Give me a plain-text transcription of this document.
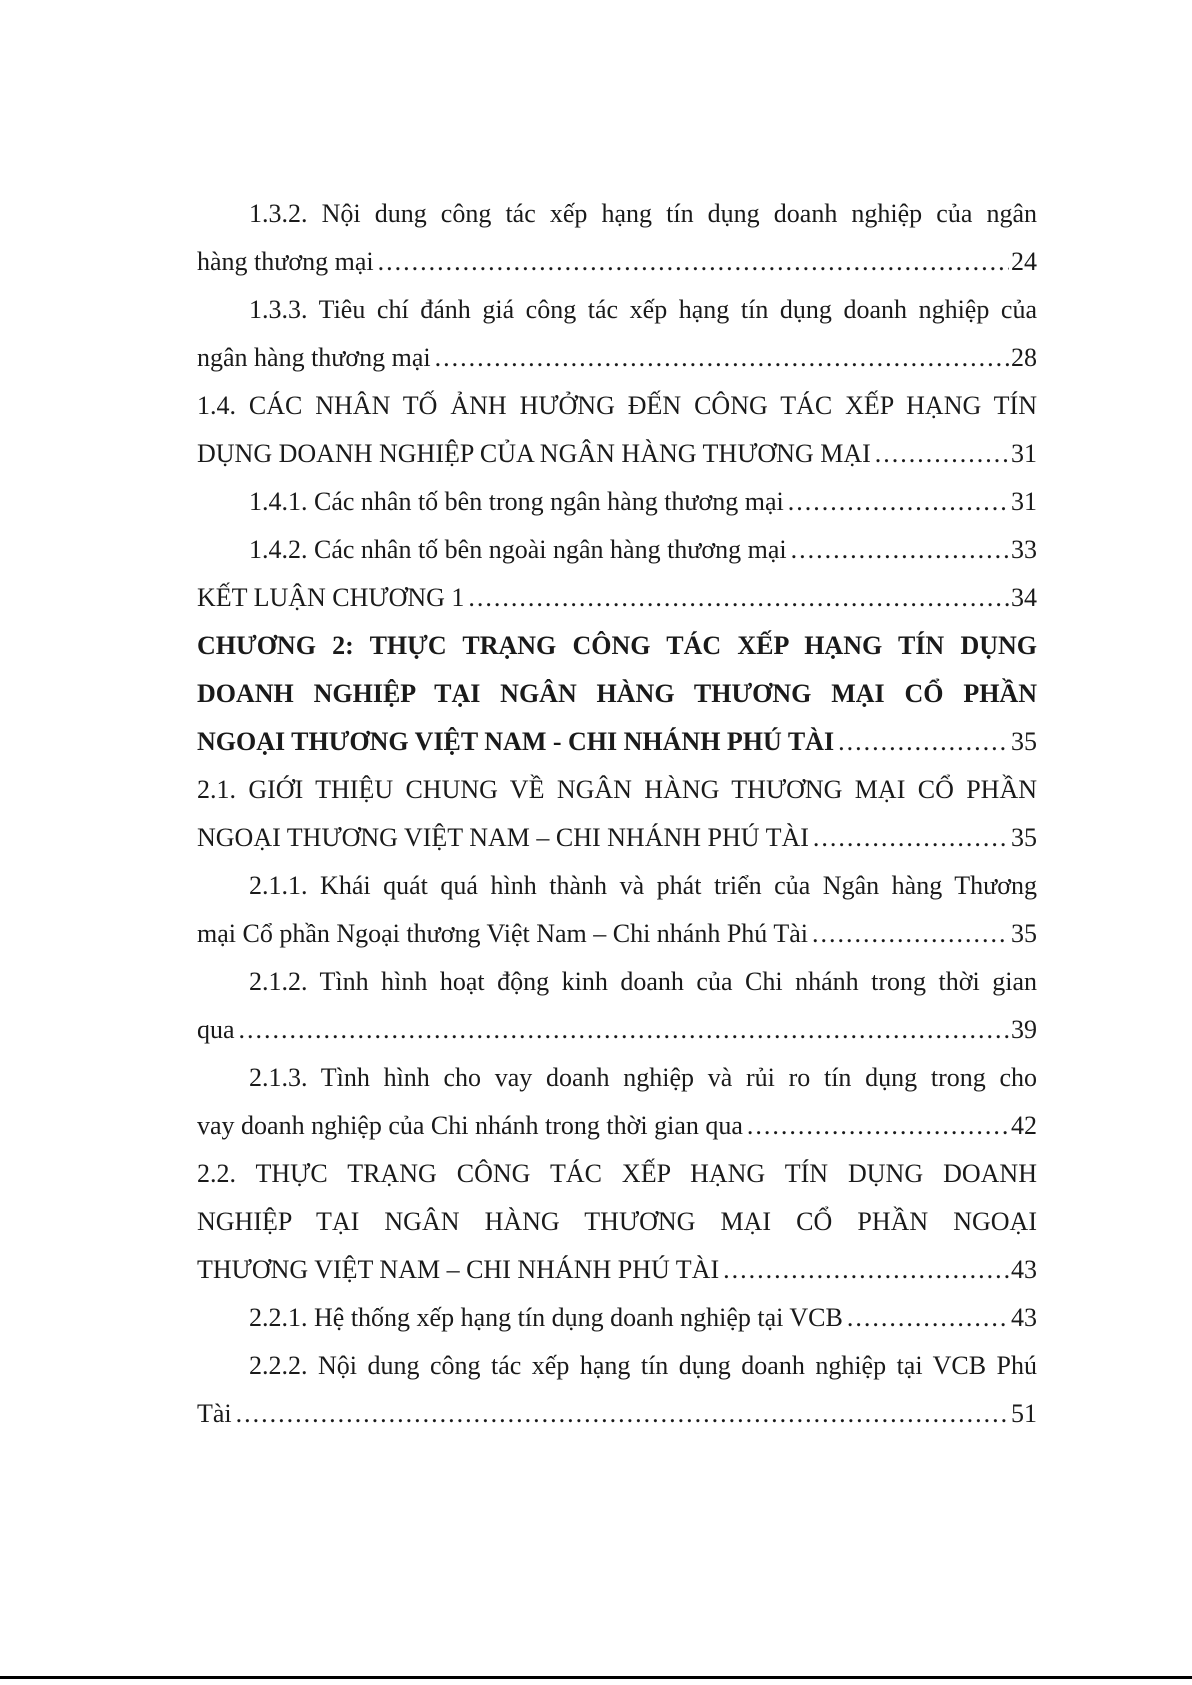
1.3.2. Nội dung công tác xếp hạng tín dụng doanh nghiệp của ngân
hàng thương mại .....	24
1.3.3. Tiêu chí đánh giá công tác xếp hạng tín dụng doanh nghiệp của
ngân hàng thương mại .....	28
1.4. CÁC NHÂN TỐ ẢNH HƯỞNG ĐẾN CÔNG TÁC XẾP HẠNG TÍN
DỤNG DOANH NGHIỆP CỦA NGÂN HÀNG THƯƠNG MẠI .....	31
1.4.1. Các nhân tố bên trong ngân hàng thương mại .....	31
1.4.2. Các nhân tố bên ngoài ngân hàng thương mại .....	33
KẾT LUẬN CHƯƠNG 1 .....	34
CHƯƠNG 2: THỰC TRẠNG CÔNG TÁC XẾP HẠNG TÍN DỤNG
DOANH NGHIỆP TẠI NGÂN HÀNG THƯƠNG MẠI CỔ PHẦN
NGOẠI THƯƠNG VIỆT NAM - CHI NHÁNH PHÚ TÀI .....	35
2.1. GIỚI THIỆU CHUNG VỀ NGÂN HÀNG THƯƠNG MẠI CỔ PHẦN
NGOẠI THƯƠNG VIỆT NAM – CHI NHÁNH PHÚ TÀI .....	35
2.1.1. Khái quát quá hình thành và phát triển của Ngân hàng Thương
mại Cổ phần Ngoại thương Việt Nam – Chi nhánh Phú Tài .....	35
2.1.2. Tình hình hoạt động kinh doanh của Chi nhánh trong thời gian
qua .....	39
2.1.3. Tình hình cho vay doanh nghiệp và rủi ro tín dụng trong cho
vay doanh nghiệp của Chi nhánh trong thời gian qua .....	42
2.2. THỰC TRẠNG CÔNG TÁC XẾP HẠNG TÍN DỤNG DOANH
NGHIỆP TẠI NGÂN HÀNG THƯƠNG MẠI CỔ PHẦN NGOẠI
THƯƠNG VIỆT NAM – CHI NHÁNH PHÚ TÀI .....	43
2.2.1. Hệ thống xếp hạng tín dụng doanh nghiệp tại VCB .....	43
2.2.2. Nội dung công tác xếp hạng tín dụng doanh nghiệp tại VCB Phú
Tài .....	51
